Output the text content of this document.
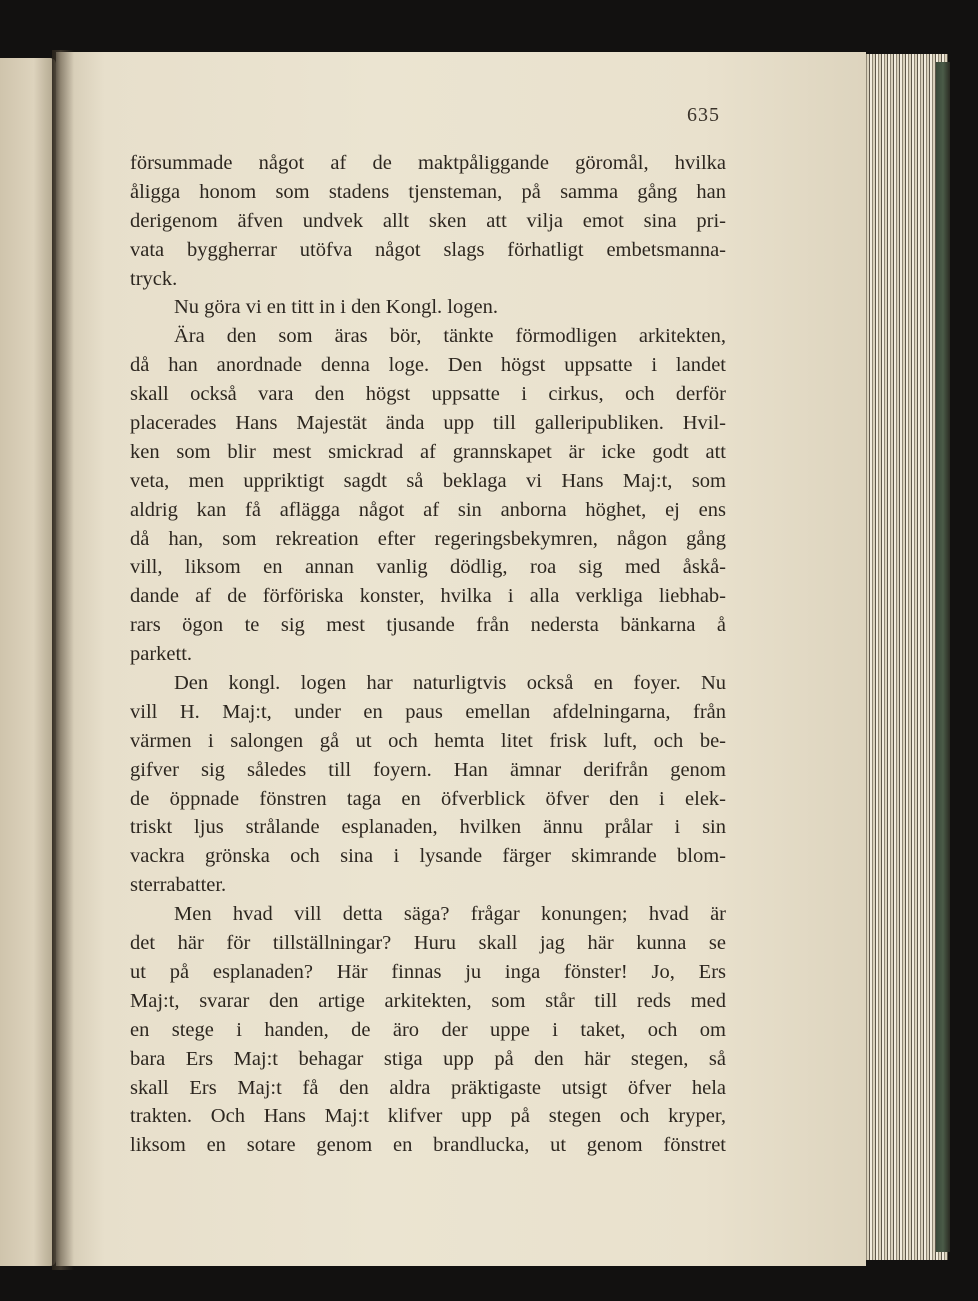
635
försummade något af de maktpåliggande göromål, hvilka
åligga honom som stadens tjensteman, på samma gång han
derigenom äfven undvek allt sken att vilja emot sina pri-
vata byggherrar utöfva något slags förhatligt embetsmanna-
tryck.
Nu göra vi en titt in i den Kongl. logen.
Ära den som äras bör, tänkte förmodligen arkitekten,
då han anordnade denna loge. Den högst uppsatte i landet
skall också vara den högst uppsatte i cirkus, och derför
placerades Hans Majestät ända upp till galleripubliken. Hvil-
ken som blir mest smickrad af grannskapet är icke godt att
veta, men uppriktigt sagdt så beklaga vi Hans Maj:t, som
aldrig kan få aflägga något af sin anborna höghet, ej ens
då han, som rekreation efter regeringsbekymren, någon gång
vill, liksom en annan vanlig dödlig, roa sig med åskå-
dande af de förföriska konster, hvilka i alla verkliga liebhab-
rars ögon te sig mest tjusande från nedersta bänkarna å
parkett.
Den kongl. logen har naturligtvis också en foyer. Nu
vill H. Maj:t, under en paus emellan afdelningarna, från
värmen i salongen gå ut och hemta litet frisk luft, och be-
gifver sig således till foyern. Han ämnar derifrån genom
de öppnade fönstren taga en öfverblick öfver den i elek-
triskt ljus strålande esplanaden, hvilken ännu prålar i sin
vackra grönska och sina i lysande färger skimrande blom-
sterrabatter.
Men hvad vill detta säga? frågar konungen; hvad är
det här för tillställningar? Huru skall jag här kunna se
ut på esplanaden? Här finnas ju inga fönster! Jo, Ers
Maj:t, svarar den artige arkitekten, som står till reds med
en stege i handen, de äro der uppe i taket, och om
bara Ers Maj:t behagar stiga upp på den här stegen, så
skall Ers Maj:t få den aldra präktigaste utsigt öfver hela
trakten. Och Hans Maj:t klifver upp på stegen och kryper,
liksom en sotare genom en brandlucka, ut genom fönstret
